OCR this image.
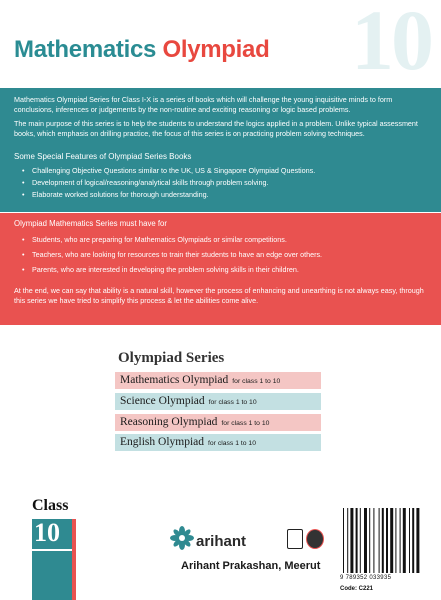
10
Mathematics Olympiad
Mathematics Olympiad Series for Class I-X is a series of books which will challenge the young inquisitive minds to form conclusions, inferences or judgements by the non-routine and exciting reasoning or logic based problems.
The main purpose of this series is to help the students to understand the logics applied in a problem. Unlike typical assessment books, which emphasis on drilling practice, the focus of this series is on practicing problem solving techniques.
Some Special Features of Olympiad Series Books
• Challenging Objective Questions similar to the UK, US & Singapore Olympiad Questions.
• Development of logical/reasoning/analytical skills through problem solving.
• Elaborate worked solutions for thorough understanding.
Olympiad Mathematics Series must have for
• Students, who are preparing for Mathematics Olympiads or similar competitions.
• Teachers, who are looking for resources to train their students to have an edge over others.
• Parents, who are interested in developing the problem solving skills in their children.
At the end, we can say that ability is a natural skill, however the process of enhancing and unearthing is not always easy, through this series we have tried to simplify this process & let the abilities come alive.
Olympiad Series
Mathematics Olympiad for class 1 to 10
Science Olympiad for class 1 to 10
Reasoning Olympiad for class 1 to 10
English Olympiad for class 1 to 10
Class
10	arihant
Arihant Prakashan, Meerut
9 789352 033935
Code: C221
